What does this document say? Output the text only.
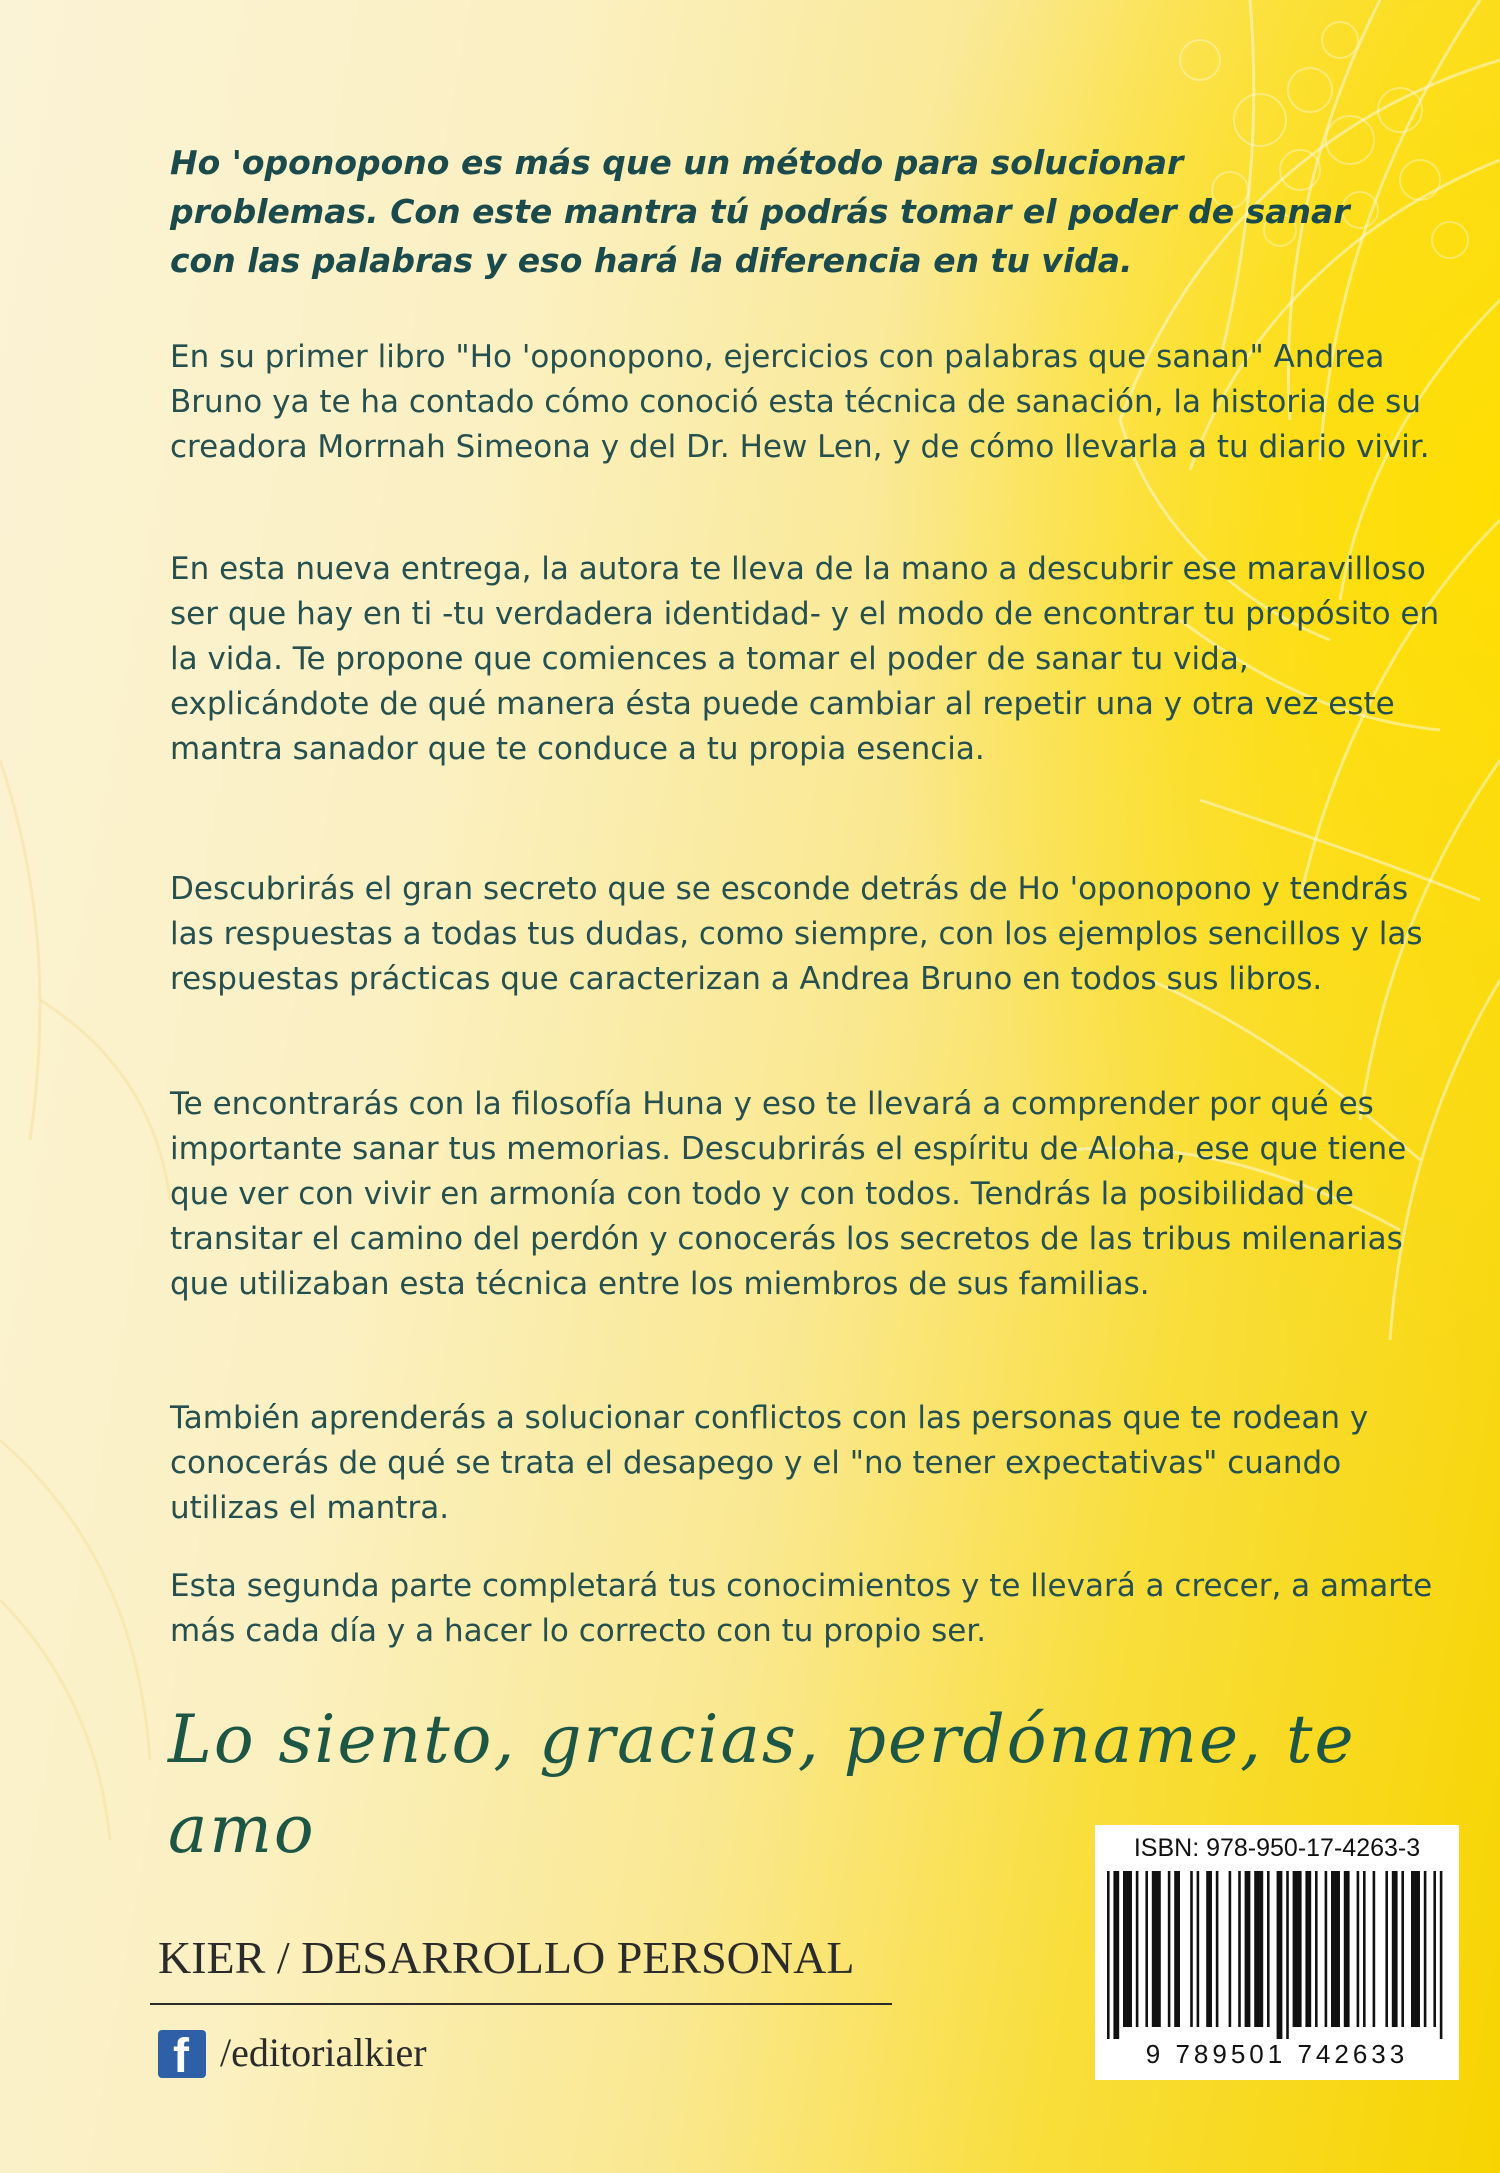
Ho 'oponopono es más que un método para solucionar problemas. Con este mantra tú podrás tomar el poder de sanar con las palabras y eso hará la diferencia en tu vida.

En su primer libro "Ho 'oponopono, ejercicios con palabras que sanan" Andrea Bruno ya te ha contado cómo conoció esta técnica de sanación, la historia de su creadora Morrnah Simeona y del Dr. Hew Len, y de cómo llevarla a tu diario vivir.

En esta nueva entrega, la autora te lleva de la mano a descubrir ese maravilloso ser que hay en ti -tu verdadera identidad- y el modo de encontrar tu propósito en la vida. Te propone que comiences a tomar el poder de sanar tu vida, explicándote de qué manera ésta puede cambiar al repetir una y otra vez este mantra sanador que te conduce a tu propia esencia.

Descubrirás el gran secreto que se esconde detrás de Ho 'oponopono y tendrás las respuestas a todas tus dudas, como siempre, con los ejemplos sencillos y las respuestas prácticas que caracterizan a Andrea Bruno en todos sus libros.

Te encontrarás con la filosofía Huna y eso te llevará a comprender por qué es importante sanar tus memorias. Descubrirás el espíritu de Aloha, ese que tiene que ver con vivir en armonía con todo y con todos. Tendrás la posibilidad de transitar el camino del perdón y conocerás los secretos de las tribus milenarias que utilizaban esta técnica entre los miembros de sus familias.

También aprenderás a solucionar conflictos con las personas que te rodean y conocerás de qué se trata el desapego y el "no tener expectativas" cuando utilizas el mantra.

Esta segunda parte completará tus conocimientos y te llevará a crecer, a amarte más cada día y a hacer lo correcto con tu propio ser.

Lo siento, gracias, perdóname, te amo

KIER / DESARROLLO PERSONAL

f /editorialkier

ISBN: 978-950-17-4263-3
9 789501 742633
